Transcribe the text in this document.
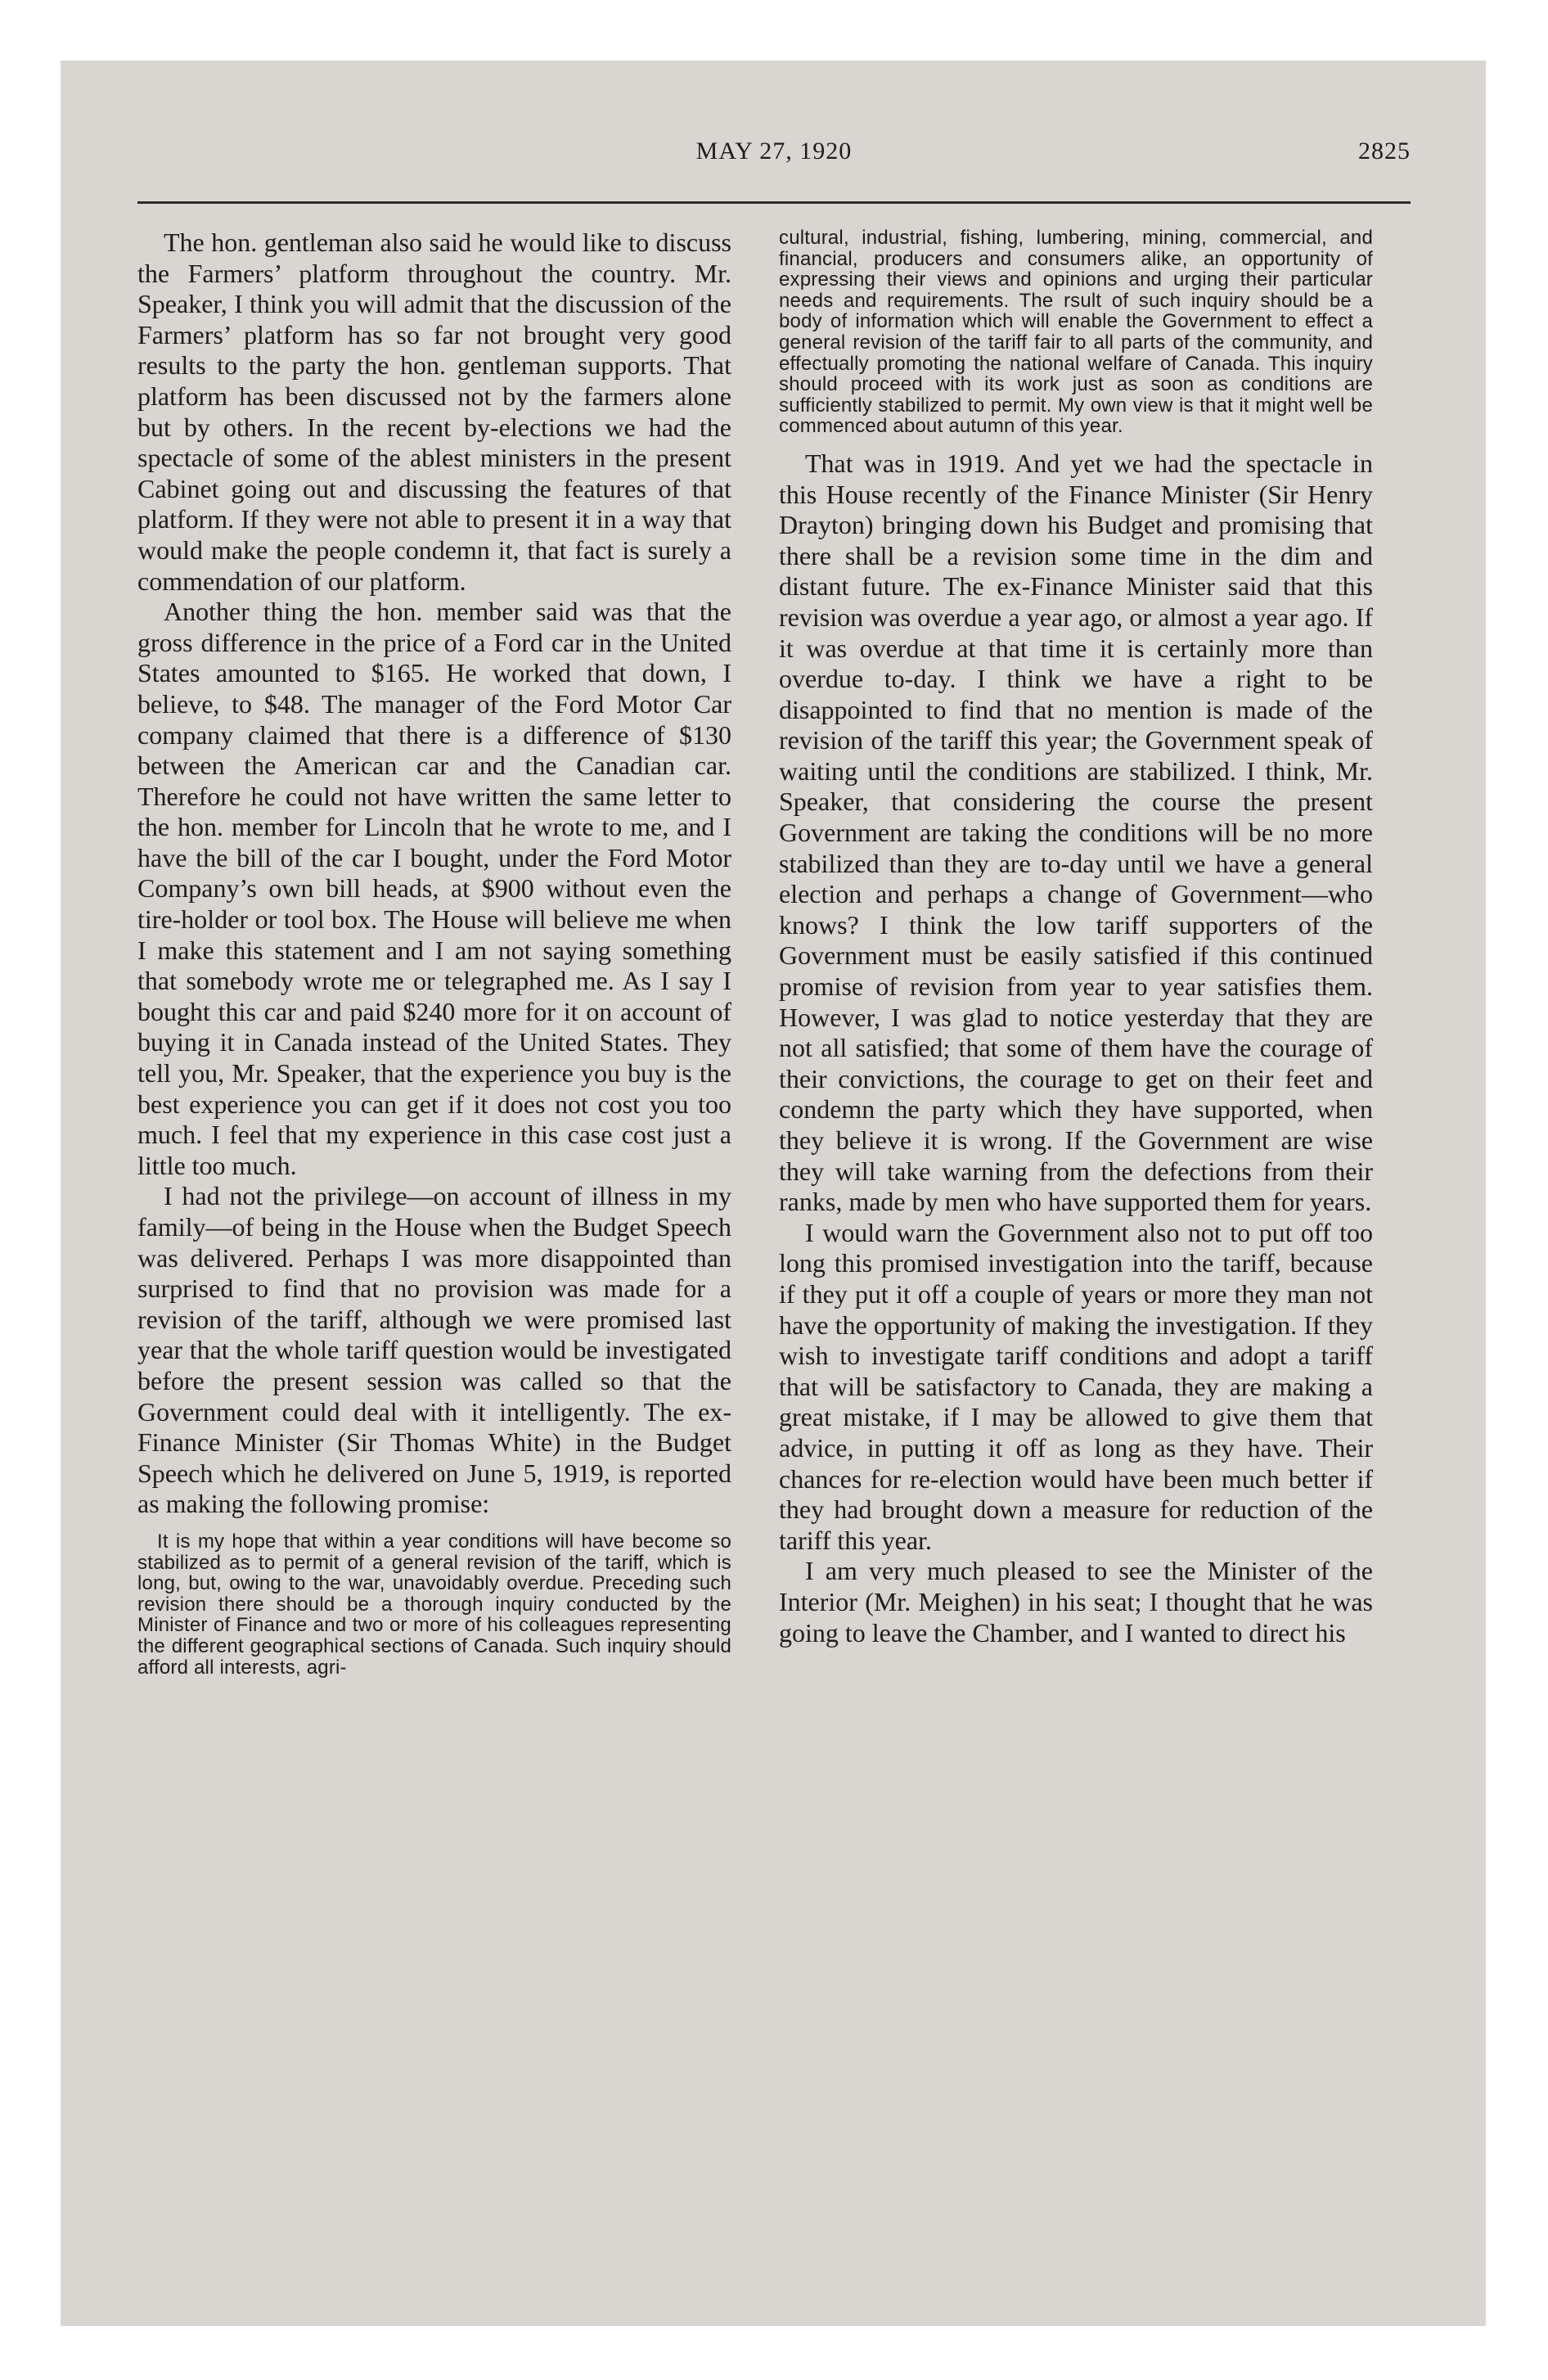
MAY 27, 1920	2825

The hon. gentleman also said he would like to discuss the Farmers’ platform throughout the country. Mr. Speaker, I think you will admit that the discussion of the Farmers’ platform has so far not brought very good results to the party the hon. gentleman supports. That platform has been discussed not by the farmers alone but by others. In the recent by-elections we had the spectacle of some of the ablest ministers in the present Cabinet going out and discussing the features of that platform. If they were not able to present it in a way that would make the people condemn it, that fact is surely a commendation of our platform.

Another thing the hon. member said was that the gross difference in the price of a Ford car in the United States amounted to $165. He worked that down, I believe, to $48. The manager of the Ford Motor Car company claimed that there is a difference of $130 between the American car and the Canadian car. Therefore he could not have written the same letter to the hon. member for Lincoln that he wrote to me, and I have the bill of the car I bought, under the Ford Motor Company’s own bill heads, at $900 without even the tire-holder or tool box. The House will believe me when I make this statement and I am not saying something that somebody wrote me or telegraphed me. As I say I bought this car and paid $240 more for it on account of buying it in Canada instead of the United States. They tell you, Mr. Speaker, that the experience you buy is the best experience you can get if it does not cost you too much. I feel that my experience in this case cost just a little too much.

I had not the privilege—on account of illness in my family—of being in the House when the Budget Speech was delivered. Perhaps I was more disappointed than surprised to find that no provision was made for a revision of the tariff, although we were promised last year that the whole tariff question would be investigated before the present session was called so that the Government could deal with it intelligently. The ex-Finance Minister (Sir Thomas White) in the Budget Speech which he delivered on June 5, 1919, is reported as making the following promise:

It is my hope that within a year conditions will have become so stabilized as to permit of a general revision of the tariff, which is long, but, owing to the war, unavoidably overdue. Preceding such revision there should be a thorough inquiry conducted by the Minister of Finance and two or more of his colleagues representing the different geographical sections of Canada. Such inquiry should afford all interests, agri-
cultural, industrial, fishing, lumbering, mining, commercial, and financial, producers and consumers alike, an opportunity of expressing their views and opinions and urging their particular needs and requirements. The rsult of such inquiry should be a body of information which will enable the Government to effect a general revision of the tariff fair to all parts of the community, and effectually promoting the national welfare of Canada. This inquiry should proceed with its work just as soon as conditions are sufficiently stabilized to permit. My own view is that it might well be commenced about autumn of this year.

That was in 1919. And yet we had the spectacle in this House recently of the Finance Minister (Sir Henry Drayton) bringing down his Budget and promising that there shall be a revision some time in the dim and distant future. The ex-Finance Minister said that this revision was overdue a year ago, or almost a year ago. If it was overdue at that time it is certainly more than overdue to-day. I think we have a right to be disappointed to find that no mention is made of the revision of the tariff this year; the Government speak of waiting until the conditions are stabilized. I think, Mr. Speaker, that considering the course the present Government are taking the conditions will be no more stabilized than they are to-day until we have a general election and perhaps a change of Government—who knows? I think the low tariff supporters of the Government must be easily satisfied if this continued promise of revision from year to year satisfies them. However, I was glad to notice yesterday that they are not all satisfied; that some of them have the courage of their convictions, the courage to get on their feet and condemn the party which they have supported, when they believe it is wrong. If the Government are wise they will take warning from the defections from their ranks, made by men who have supported them for years.

I would warn the Government also not to put off too long this promised investigation into the tariff, because if they put it off a couple of years or more they man not have the opportunity of making the investigation. If they wish to investigate tariff conditions and adopt a tariff that will be satisfactory to Canada, they are making a great mistake, if I may be allowed to give them that advice, in putting it off as long as they have. Their chances for re-election would have been much better if they had brought down a measure for reduction of the tariff this year.

I am very much pleased to see the Minister of the Interior (Mr. Meighen) in his seat; I thought that he was going to leave the Chamber, and I wanted to direct his
